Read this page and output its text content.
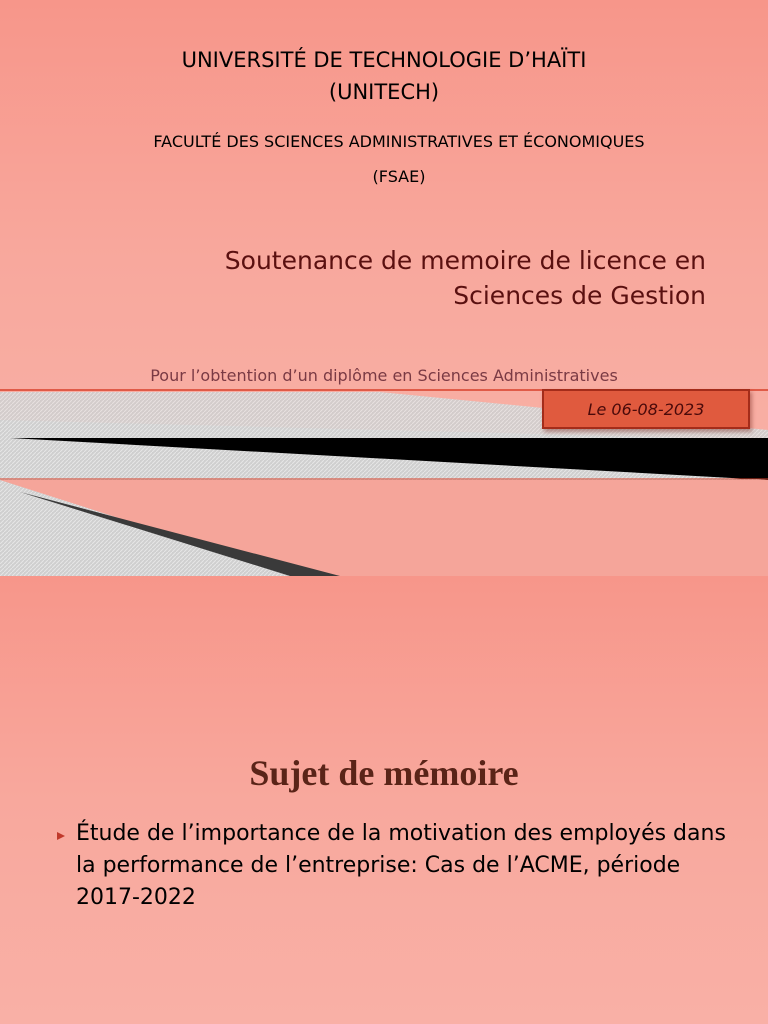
UNIVERSITÉ DE TECHNOLOGIE D’HAÏTI
(UNITECH)
FACULTÉ DES SCIENCES ADMINISTRATIVES ET ÉCONOMIQUES
(FSAE)
Soutenance de memoire de licence en
Sciences de Gestion
Pour l’obtention d’un diplôme en Sciences Administratives
Le 06-08-2023
Sujet de mémoire
Étude de l’importance de la motivation des employés dans la performance de l’entreprise: Cas de l’ACME, période 2017-2022
